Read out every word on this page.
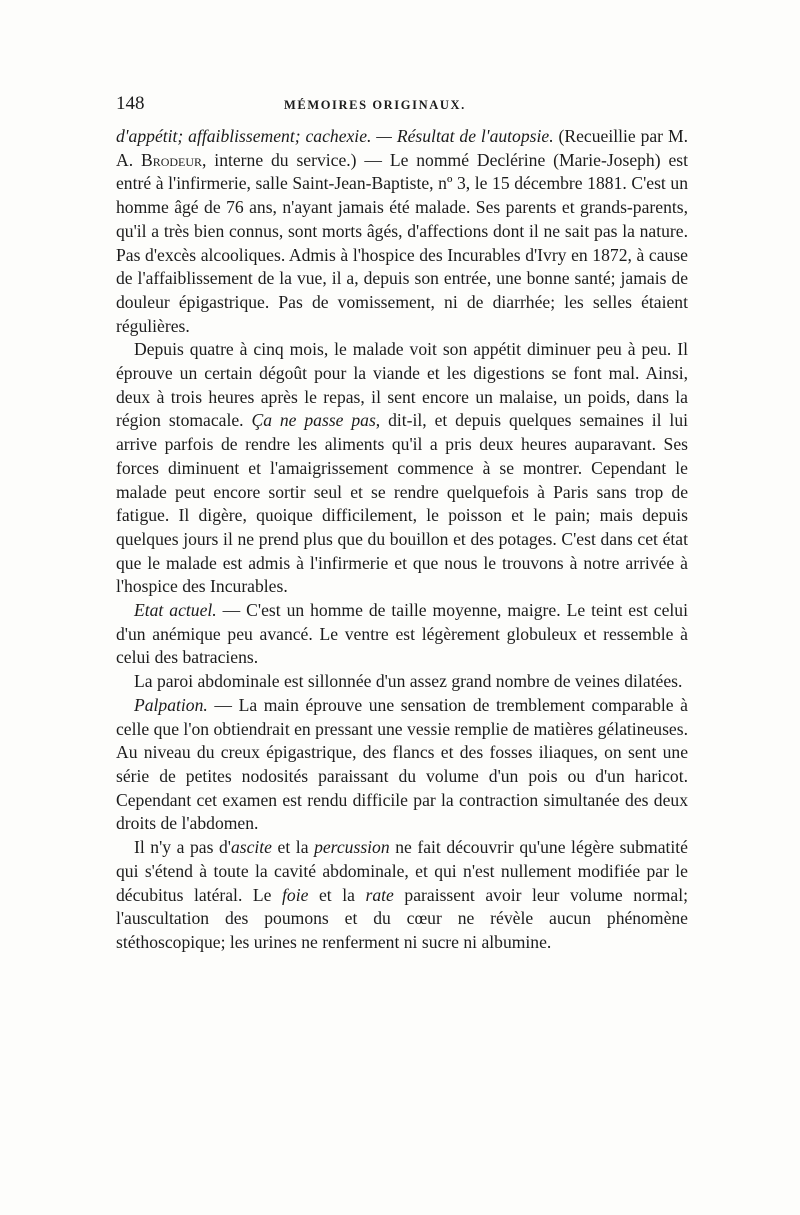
148	MÉMOIRES ORIGINAUX.

d'appétit; affaiblissement; cachexie. — Résultat de l'autopsie. (Recueillie par M. A. Brodeur, interne du service.) — Le nommé Declérine (Marie-Joseph) est entré à l'infirmerie, salle Saint-Jean-Baptiste, nº 3, le 15 décembre 1881. C'est un homme âgé de 76 ans, n'ayant jamais été malade. Ses parents et grands-parents, qu'il a très bien connus, sont morts âgés, d'affections dont il ne sait pas la nature. Pas d'excès alcooliques. Admis à l'hospice des Incurables d'Ivry en 1872, à cause de l'affaiblissement de la vue, il a, depuis son entrée, une bonne santé; jamais de douleur épigastrique. Pas de vomissement, ni de diarrhée; les selles étaient régulières.

Depuis quatre à cinq mois, le malade voit son appétit diminuer peu à peu. Il éprouve un certain dégoût pour la viande et les digestions se font mal. Ainsi, deux à trois heures après le repas, il sent encore un malaise, un poids, dans la région stomacale. Ça ne passe pas, dit-il, et depuis quelques semaines il lui arrive parfois de rendre les aliments qu'il a pris deux heures auparavant. Ses forces diminuent et l'amaigrissement commence à se montrer. Cependant le malade peut encore sortir seul et se rendre quelquefois à Paris sans trop de fatigue. Il digère, quoique difficilement, le poisson et le pain; mais depuis quelques jours il ne prend plus que du bouillon et des potages. C'est dans cet état que le malade est admis à l'infirmerie et que nous le trouvons à notre arrivée à l'hospice des Incurables.

Etat actuel. — C'est un homme de taille moyenne, maigre. Le teint est celui d'un anémique peu avancé. Le ventre est légèrement globuleux et ressemble à celui des batraciens.

La paroi abdominale est sillonnée d'un assez grand nombre de veines dilatées.

Palpation. — La main éprouve une sensation de tremblement comparable à celle que l'on obtiendrait en pressant une vessie remplie de matières gélatineuses. Au niveau du creux épigastrique, des flancs et des fosses iliaques, on sent une série de petites nodosités paraissant du volume d'un pois ou d'un haricot. Cependant cet examen est rendu difficile par la contraction simultanée des deux droits de l'abdomen.

Il n'y a pas d'ascite et la percussion ne fait découvrir qu'une légère submatité qui s'étend à toute la cavité abdominale, et qui n'est nullement modifiée par le décubitus latéral. Le foie et la rate paraissent avoir leur volume normal; l'auscultation des poumons et du cœur ne révèle aucun phénomène stéthoscopique; les urines ne renferment ni sucre ni albumine.
